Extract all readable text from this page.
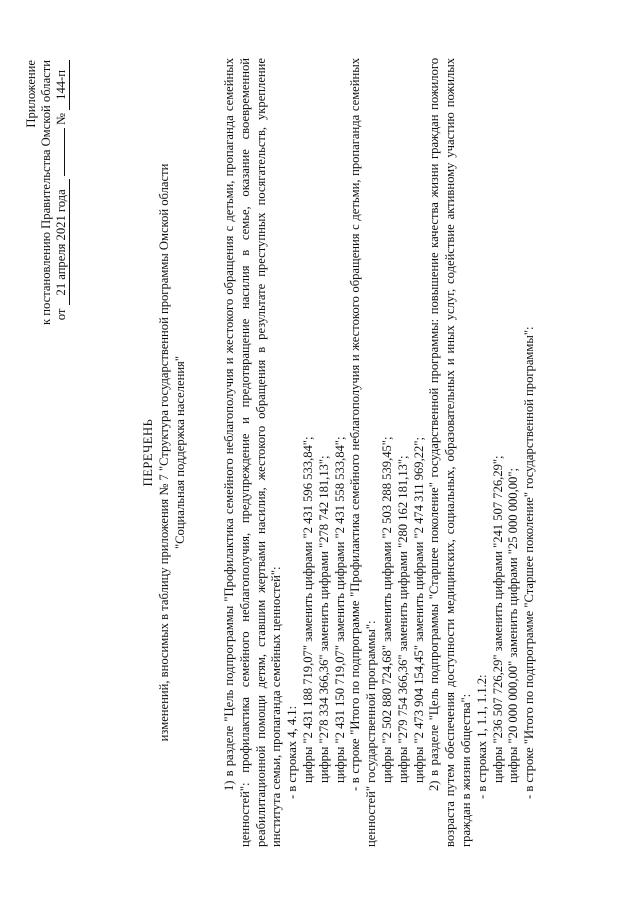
Приложение к постановлению Правительства Омской области от 21 апреля 2021 года  № 144-п
ПЕРЕЧЕНЬ изменений, вносимых в таблицу приложения № 7 "Структура государственной программы Омской области "Социальная поддержка населения"	1) в разделе "Цель подпрограммы "Профилактика семейного неблагополучия и жестокого обращения с детьми, пропаганда семейных ценностей": профилактика семейного неблагополучия, предупреждение и предотвращение насилия в семье, оказание своевременной реабилитационной помощи детям, ставшим жертвами насилия, жестокого обращения в результате преступных посягательств, укрепление института семьи, пропаганда семейных ценностей": - в строках 4, 4.1: цифры "2 431 188 719,07" заменить цифрами "2 431 596 533,84"; цифры "278 334 366,36" заменить цифрами "278 742 181,13"; цифры "2 431 150 719,07" заменить цифрами "2 431 558 533,84"; - в строке "Итого по подпрограмме "Профилактика семейного неблагополучия и жестокого обращения с детьми, пропаганда семейных ценностей" государственной программы": цифры "2 502 880 724,68" заменить цифрами "2 503 288 539,45"; цифры "279 754 366,36" заменить цифрами "280 162 181,13"; цифры "2 473 904 154,45" заменить цифрами "2 474 311 969,22"; 2) в разделе "Цель подпрограммы "Старшее поколение" государственной программы: повышение качества жизни граждан пожилого возраста путем обеспечения доступности медицинских, социальных, образовательных и иных услуг, содействие активному участию пожилых граждан в жизни общества": - в строках 1, 1.1, 1.1.2: цифры "236 507 726,29" заменить цифрами "241 507 726,29"; цифры "20 000 000,00" заменить цифрами "25 000 000,00"; - в строке "Итого по подпрограмме "Старшее поколение" государственной программы":
